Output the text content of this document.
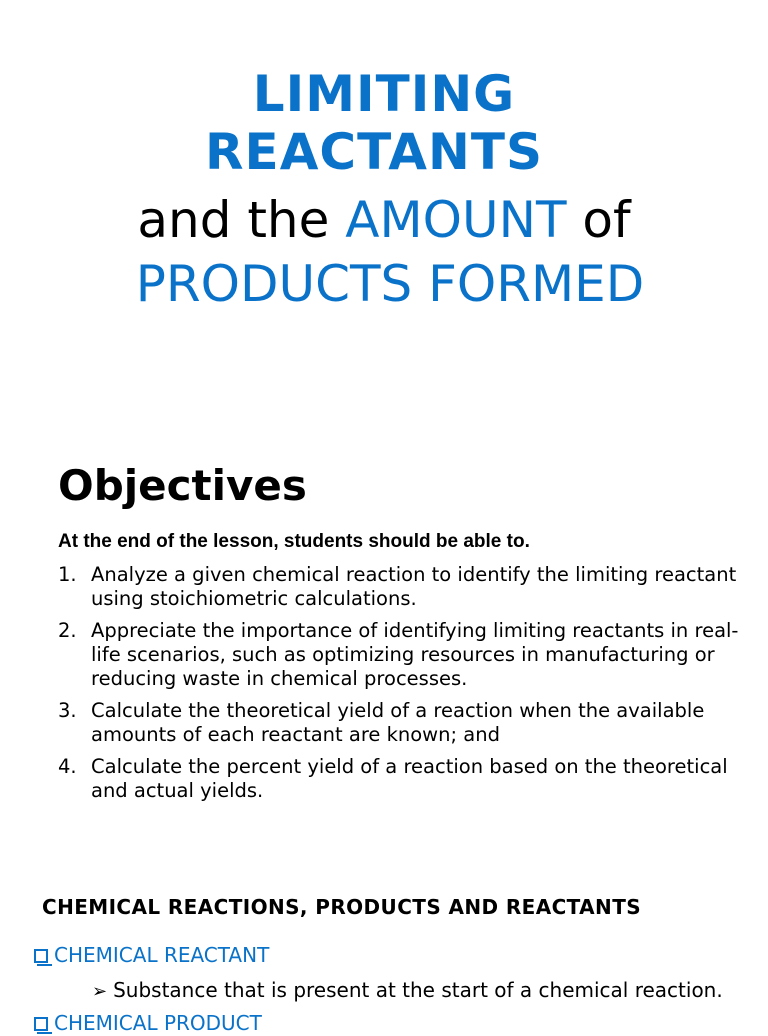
LIMITING
REACTANTS
and the AMOUNT of
PRODUCTS FORMED
Objectives

At the end of the lesson, students should be able to.

1. Analyze a given chemical reaction to identify the limiting reactant using stoichiometric calculations.
2. Appreciate the importance of identifying limiting reactants in real-life scenarios, such as optimizing resources in manufacturing or reducing waste in chemical processes.
3. Calculate the theoretical yield of a reaction when the available amounts of each reactant are known; and
4. Calculate the percent yield of a reaction based on the theoretical and actual yields.
CHEMICAL REACTIONS, PRODUCTS AND REACTANTS
CHEMICAL REACTANT
➢ Substance that is present at the start of a chemical reaction.
CHEMICAL PRODUCT
